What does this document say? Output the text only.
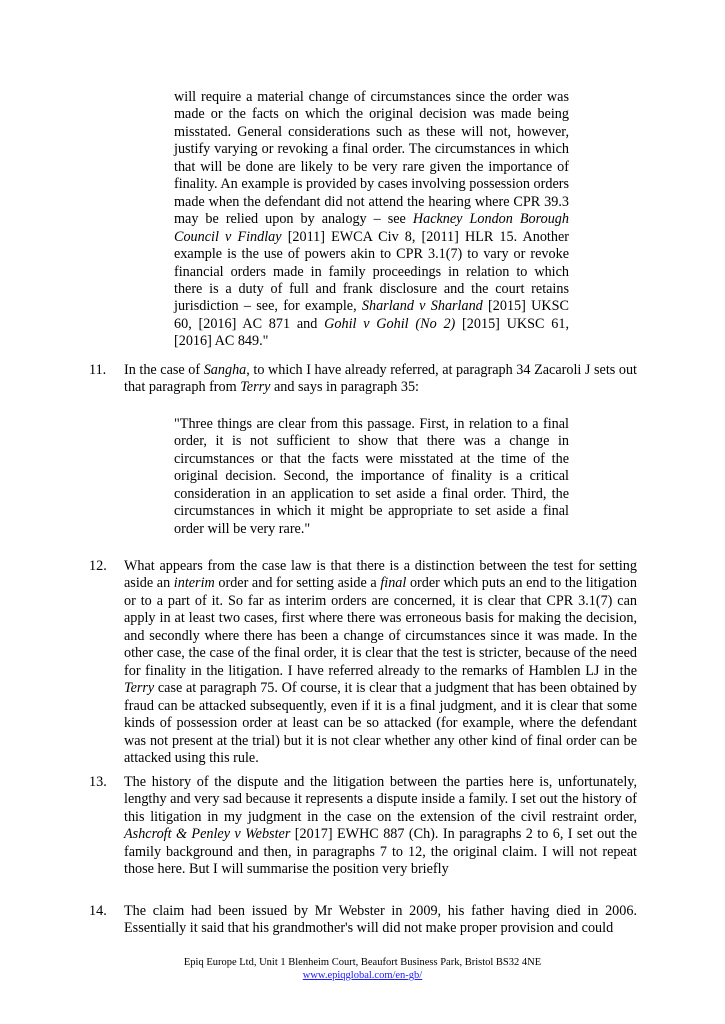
will require a material change of circumstances since the order was made or the facts on which the original decision was made being misstated. General considerations such as these will not, however, justify varying or revoking a final order. The circumstances in which that will be done are likely to be very rare given the importance of finality. An example is provided by cases involving possession orders made when the defendant did not attend the hearing where CPR 39.3 may be relied upon by analogy – see Hackney London Borough Council v Findlay [2011] EWCA Civ 8, [2011] HLR 15. Another example is the use of powers akin to CPR 3.1(7) to vary or revoke financial orders made in family proceedings in relation to which there is a duty of full and frank disclosure and the court retains jurisdiction – see, for example, Sharland v Sharland [2015] UKSC 60, [2016] AC 871 and Gohil v Gohil (No 2) [2015] UKSC 61, [2016] AC 849."
11. In the case of Sangha, to which I have already referred, at paragraph 34 Zacaroli J sets out that paragraph from Terry and says in paragraph 35:
"Three things are clear from this passage. First, in relation to a final order, it is not sufficient to show that there was a change in circumstances or that the facts were misstated at the time of the original decision. Second, the importance of finality is a critical consideration in an application to set aside a final order. Third, the circumstances in which it might be appropriate to set aside a final order will be very rare."
12. What appears from the case law is that there is a distinction between the test for setting aside an interim order and for setting aside a final order which puts an end to the litigation or to a part of it. So far as interim orders are concerned, it is clear that CPR 3.1(7) can apply in at least two cases, first where there was erroneous basis for making the decision, and secondly where there has been a change of circumstances since it was made. In the other case, the case of the final order, it is clear that the test is stricter, because of the need for finality in the litigation. I have referred already to the remarks of Hamblen LJ in the Terry case at paragraph 75. Of course, it is clear that a judgment that has been obtained by fraud can be attacked subsequently, even if it is a final judgment, and it is clear that some kinds of possession order at least can be so attacked (for example, where the defendant was not present at the trial) but it is not clear whether any other kind of final order can be attacked using this rule.
13. The history of the dispute and the litigation between the parties here is, unfortunately, lengthy and very sad because it represents a dispute inside a family. I set out the history of this litigation in my judgment in the case on the extension of the civil restraint order, Ashcroft & Penley v Webster [2017] EWHC 887 (Ch). In paragraphs 2 to 6, I set out the family background and then, in paragraphs 7 to 12, the original claim. I will not repeat those here. But I will summarise the position very briefly
14. The claim had been issued by Mr Webster in 2009, his father having died in 2006. Essentially it said that his grandmother's will did not make proper provision and could
Epiq Europe Ltd, Unit 1 Blenheim Court, Beaufort Business Park, Bristol BS32 4NE
www.epiqglobal.com/en-gb/
